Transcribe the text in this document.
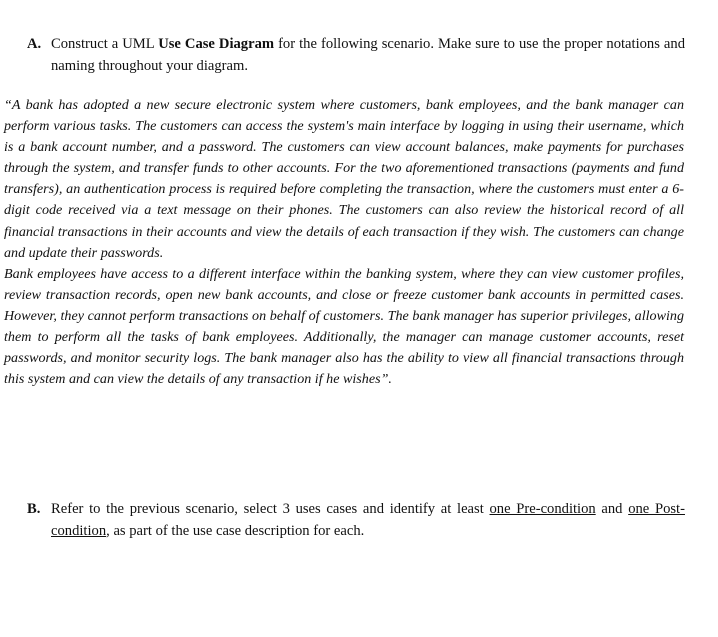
A. Construct a UML Use Case Diagram for the following scenario. Make sure to use the proper notations and naming throughout your diagram.

“A bank has adopted a new secure electronic system where customers, bank employees, and the bank manager can perform various tasks. The customers can access the system's main interface by logging in using their username, which is a bank account number, and a password. The customers can view account balances, make payments for purchases through the system, and transfer funds to other accounts. For the two aforementioned transactions (payments and fund transfers), an authentication process is required before completing the transaction, where the customers must enter a 6-digit code received via a text message on their phones. The customers can also review the historical record of all financial transactions in their accounts and view the details of each transaction if they wish. The customers can change and update their passwords.

Bank employees have access to a different interface within the banking system, where they can view customer profiles, review transaction records, open new bank accounts, and close or freeze customer bank accounts in permitted cases. However, they cannot perform transactions on behalf of customers. The bank manager has superior privileges, allowing them to perform all the tasks of bank employees. Additionally, the manager can manage customer accounts, reset passwords, and monitor security logs. The bank manager also has the ability to view all financial transactions through this system and can view the details of any transaction if he wishes”.

B. Refer to the previous scenario, select 3 uses cases and identify at least one Pre-condition and one Post-condition, as part of the use case description for each.
